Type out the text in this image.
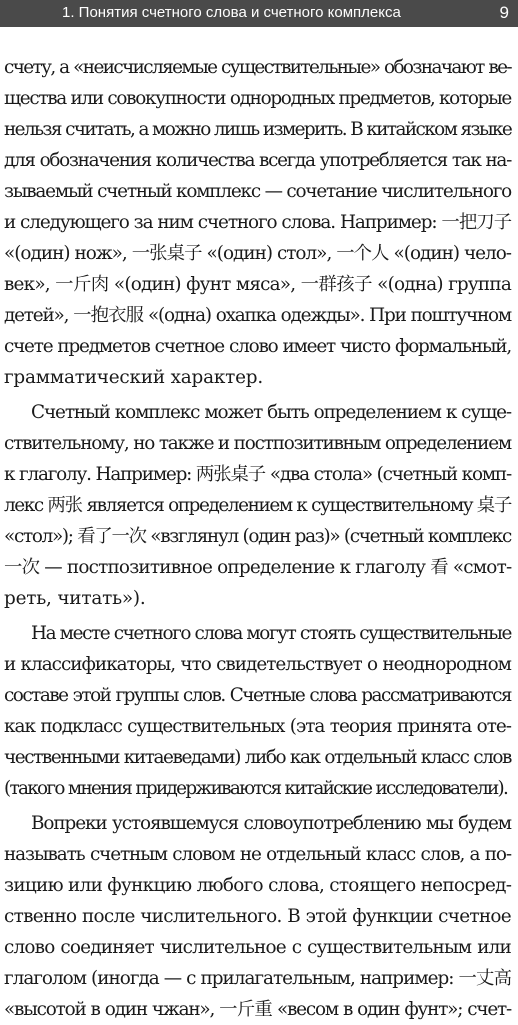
1. Понятия счетного слова и счетного комплекса	9
счету, а «неисчисляемые существительные» обозначают ве-
щества или совокупности однородных предметов, которые
нельзя считать, а можно лишь измерить. В китайском языке
для обозначения количества всегда употребляется так на-
зываемый счетный комплекс — сочетание числительного
и следующего за ним счетного слова. Например: 一把刀子
«(один) нож», 一张桌子 «(один) стол», 一个人 «(один) чело-
век», 一斤肉 «(один) фунт мяса», 一群孩子 «(одна) группа
детей», 一抱衣服 «(одна) охапка одежды». При поштучном
счете предметов счетное слово имеет чисто формальный,
грамматический характер.
Счетный комплекс может быть определением к суще-
ствительному, но также и постпозитивным определением
к глаголу. Например: 两张桌子 «два стола» (счетный комп-
лекс 两张 является определением к существительному 桌子
«стол»); 看了一次 «взглянул (один раз)» (счетный комплекс
一次 — постпозитивное определение к глаголу 看 «смот-
реть, читать»).
На месте счетного слова могут стоять существительные
и классификаторы, что свидетельствует о неоднородном
составе этой группы слов. Счетные слова рассматриваются
как подкласс существительных (эта теория принята оте-
чественными китаеведами) либо как отдельный класс слов
(такого мнения придерживаются китайские исследователи).
Вопреки устоявшемуся словоупотреблению мы будем
называть счетным словом не отдельный класс слов, а по-
зицию или функцию любого слова, стоящего непосред-
ственно после числительного. В этой функции счетное
слово соединяет числительное с существительным или
глаголом (иногда — с прилагательным, например: 一丈高
«высотой в один чжан», 一斤重 «весом в один фунт»; счет-
